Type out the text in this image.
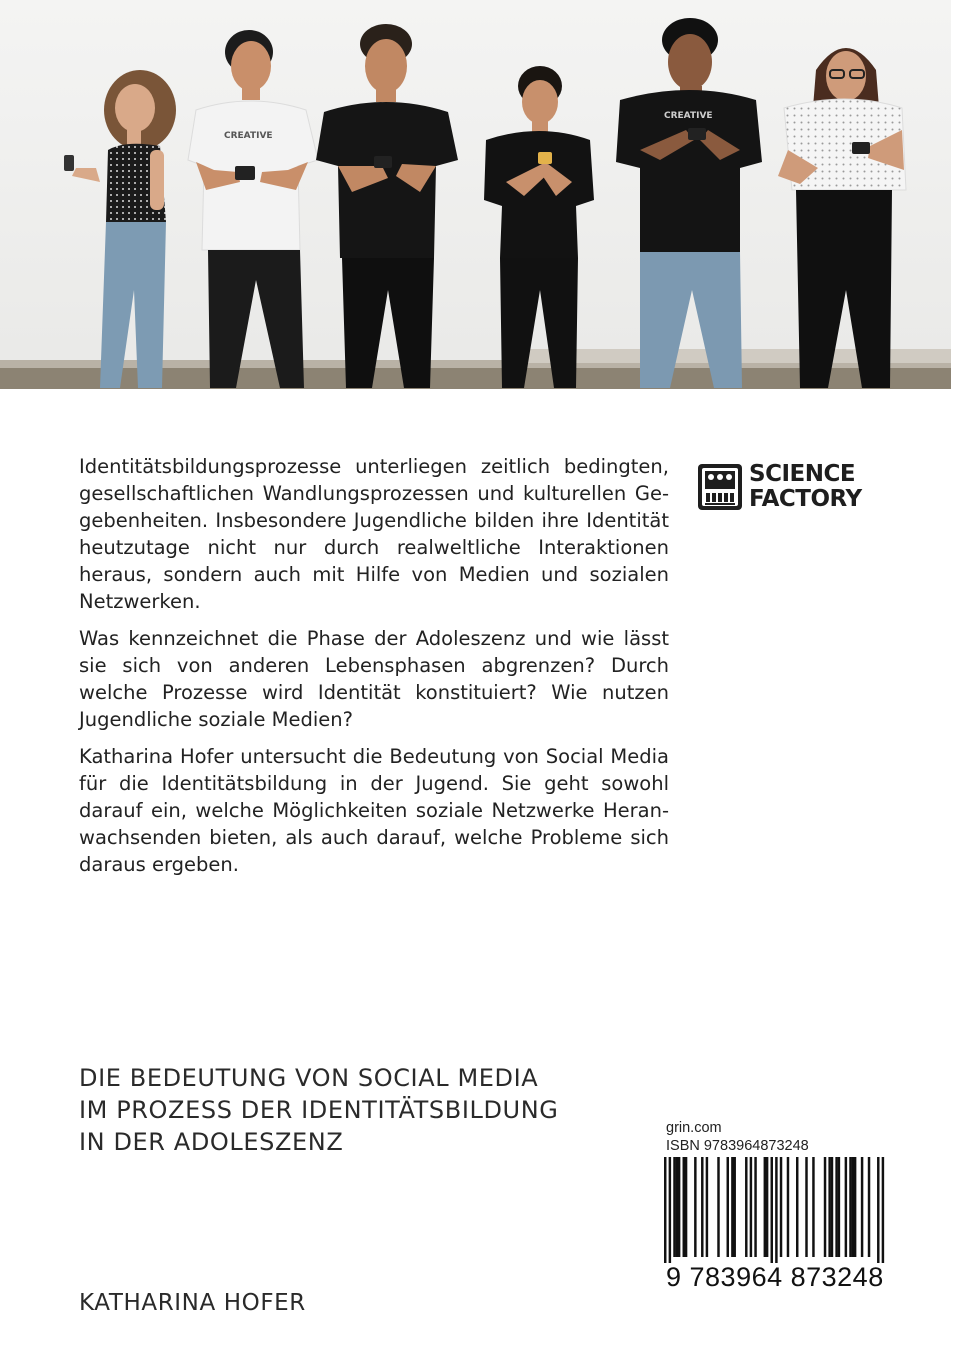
CREATIVE
CREATIVE

Identitätsbildungsprozesse unterliegen zeitlich bedingten, gesellschaftlichen Wandlungsprozessen und kulturellen Gegebenheiten. Insbesondere Jugendliche bilden ihre Identität heutzutage nicht nur durch realweltliche Interaktionen heraus, sondern auch mit Hilfe von Medien und sozialen Netzwerken.

Was kennzeichnet die Phase der Adoleszenz und wie lässt sie sich von anderen Lebensphasen abgrenzen? Durch welche Prozesse wird Identität konstituiert? Wie nutzen Jugendliche soziale Medien?

Katharina Hofer untersucht die Bedeutung von Social Media für die Identitätsbildung in der Jugend. Sie geht sowohl darauf ein, welche Möglichkeiten soziale Netzwerke Heranwachsenden bieten, als auch darauf, welche Probleme sich daraus ergeben.

SCIENCE
FACTORY
DIE BEDEUTUNG VON SOCIAL MEDIA
IM PROZESS DER IDENTITÄTSBILDUNG
IN DER ADOLESZENZ
KATHARINA HOFER
grin.com
ISBN 9783964873248
9 783964 873248
